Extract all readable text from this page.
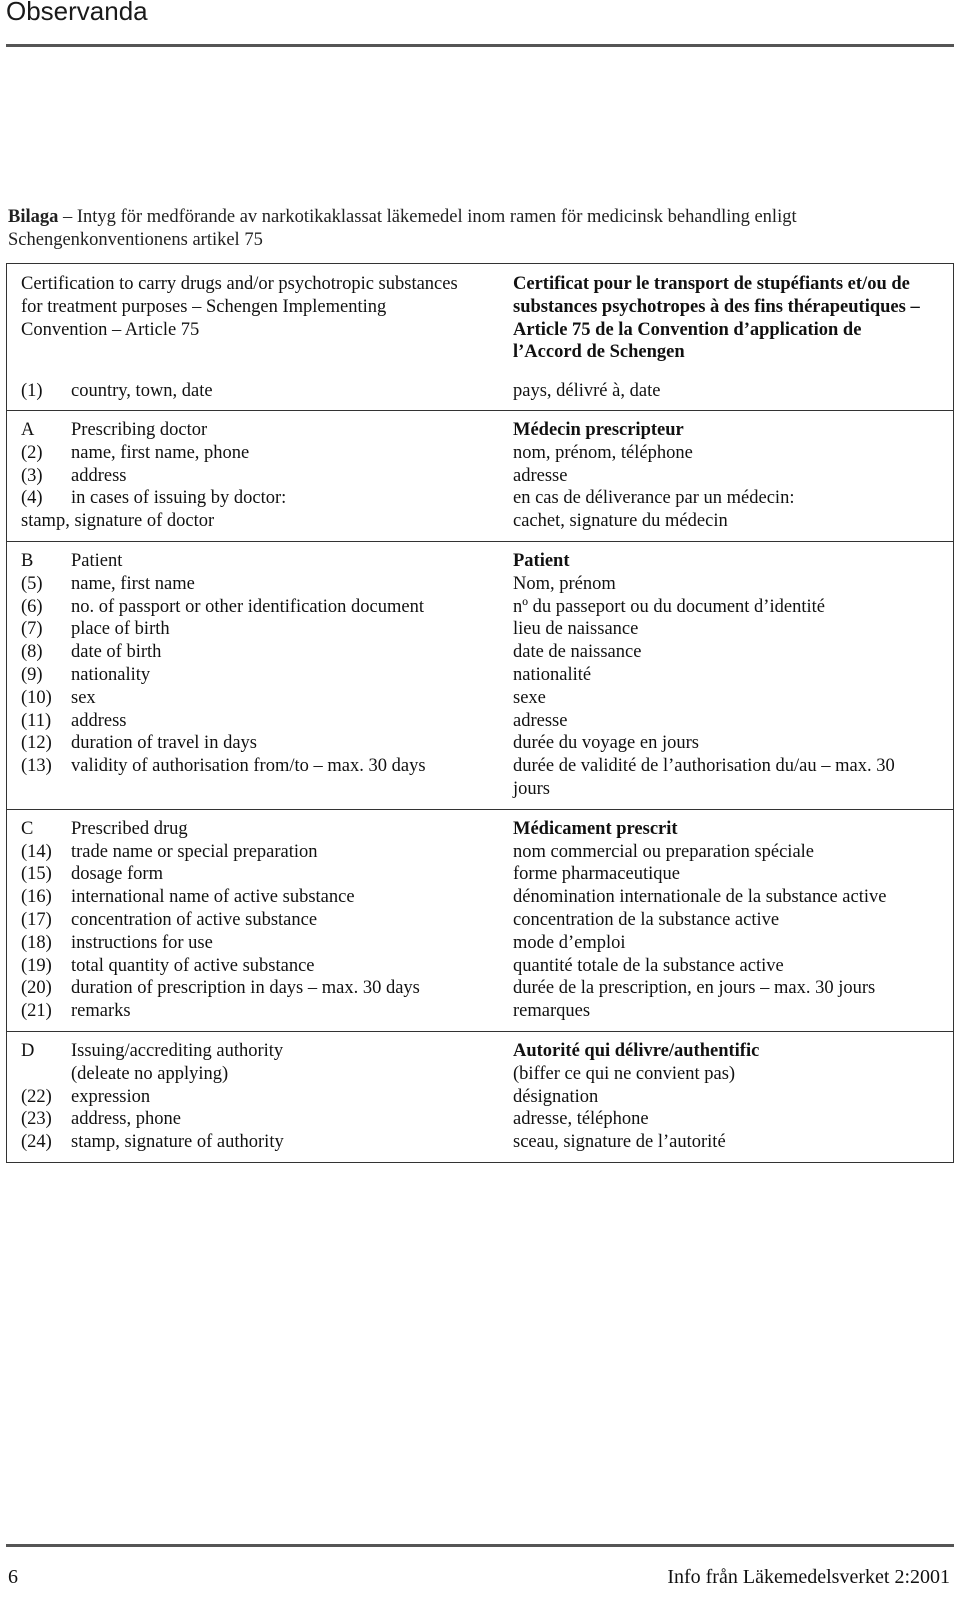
Observanda
Bilaga – Intyg för medförande av narkotikaklassat läkemedel inom ramen för medicinsk behandling enligt Schengenkonventionens artikel 75
Certification to carry drugs and/or psychotropic substances for treatment purposes – Schengen Implementing Convention – Article 75
Certificat pour le transport de stupéfiants et/ou de substances psychotropes à des fins thérapeutiques – Article 75 de la Convention d’application de l’Accord de Schengen
(1)	country, town, date	pays, délivré à, date
A	Prescribing doctor	Médecin prescripteur
(2)	name, first name, phone	nom, prénom, téléphone
(3)	address	adresse
(4)	in cases of issuing by doctor:	en cas de déliverance par un médecin:
stamp, signature of doctor	cachet, signature du médecin
B	Patient	Patient
(5)	name, first name	Nom, prénom
(6)	no. of passport or other identification document	nº du passeport ou du document d’identité
(7)	place of birth	lieu de naissance
(8)	date of birth	date de naissance
(9)	nationality	nationalité
(10)	sex	sexe
(11)	address	adresse
(12)	duration of travel in days	durée du voyage en jours
(13)	validity of authorisation from/to – max. 30 days	durée de validité de l’authorisation du/au – max. 30 jours
C	Prescribed drug	Médicament prescrit
(14)	trade name or special preparation	nom commercial ou preparation spéciale
(15)	dosage form	forme pharmaceutique
(16)	international name of active substance	dénomination internationale de la substance active
(17)	concentration of active substance	concentration de la substance active
(18)	instructions for use	mode d’emploi
(19)	total quantity of active substance	quantité totale de la substance active
(20)	duration of prescription in days – max. 30 days	durée de la prescription, en jours – max. 30 jours
(21)	remarks	remarques
D	Issuing/accrediting authority	Autorité qui délivre/authentific
(deleate no applying)	(biffer ce qui ne convient pas)
(22)	expression	désignation
(23)	address, phone	adresse, téléphone
(24)	stamp, signature of authority	sceau, signature de l’autorité
6	Info från Läkemedelsverket 2:2001
